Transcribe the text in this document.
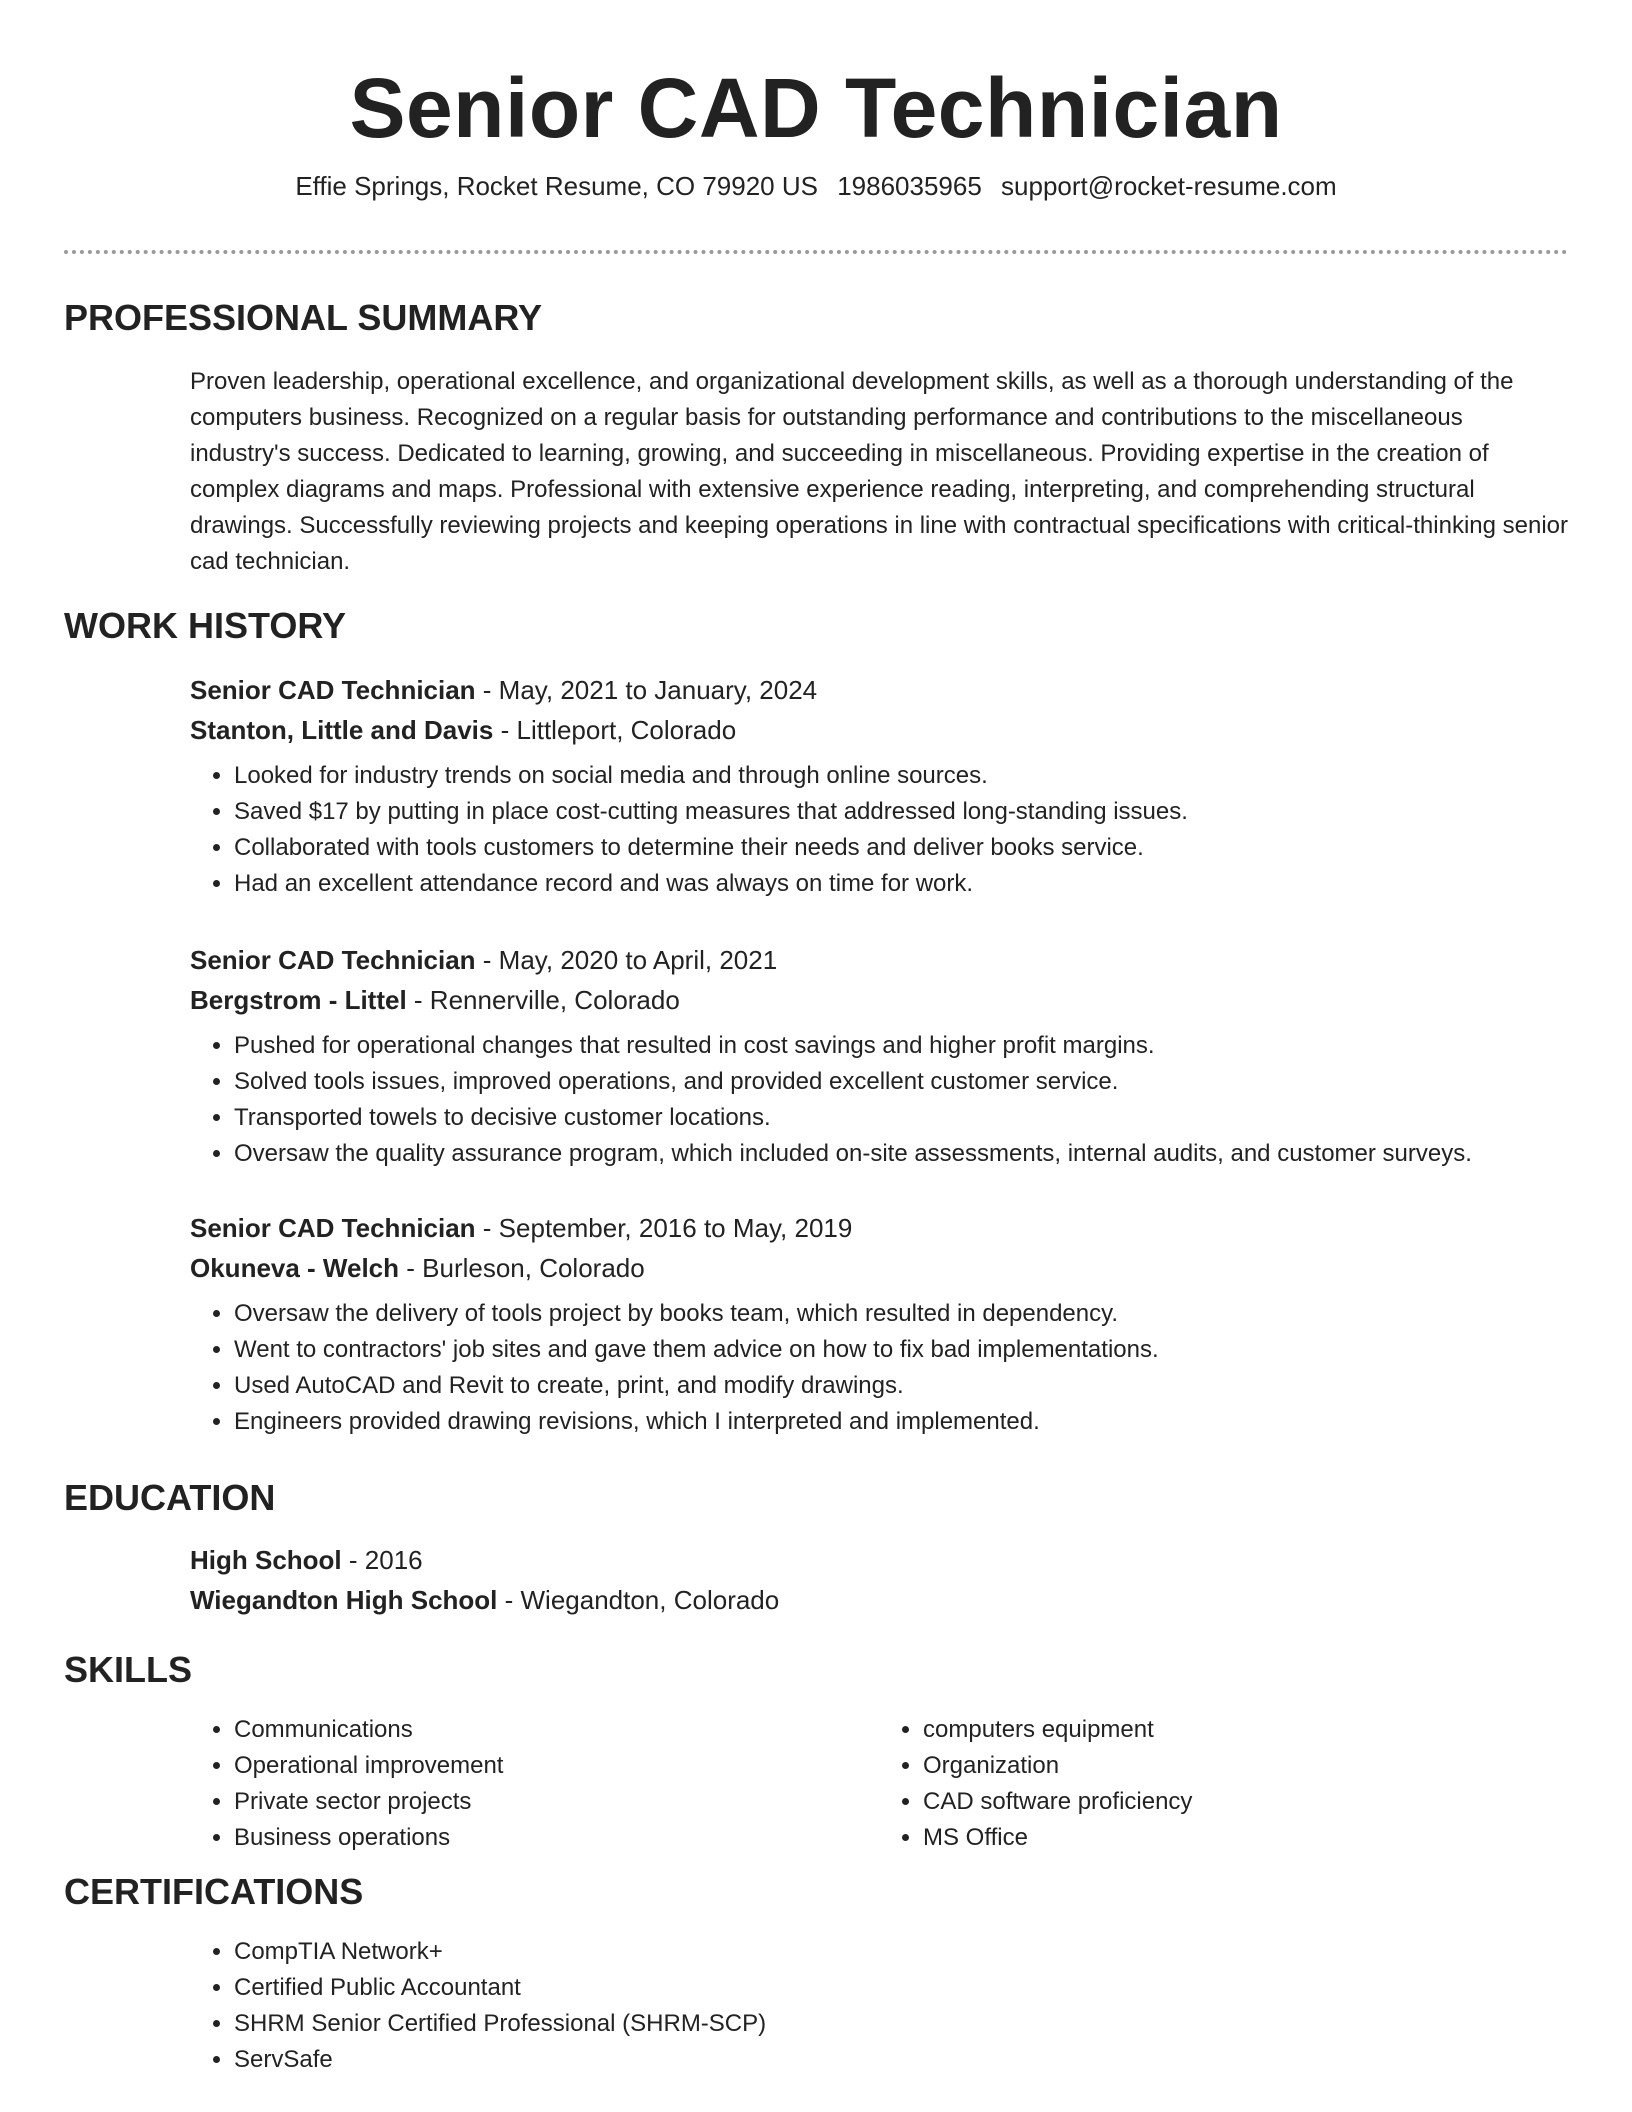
Senior CAD Technician
Effie Springs, Rocket Resume, CO 79920 US 1986035965 support@rocket-resume.com
PROFESSIONAL SUMMARY
Proven leadership, operational excellence, and organizational development skills, as well as a thorough understanding of the computers business. Recognized on a regular basis for outstanding performance and contributions to the miscellaneous industry's success. Dedicated to learning, growing, and succeeding in miscellaneous. Providing expertise in the creation of complex diagrams and maps. Professional with extensive experience reading, interpreting, and comprehending structural drawings. Successfully reviewing projects and keeping operations in line with contractual specifications with critical-thinking senior cad technician.
WORK HISTORY

Senior CAD Technician - May, 2021 to January, 2024

Stanton, Little and Davis - Littleport, Colorado

• Looked for industry trends on social media and through online sources.
• Saved $17 by putting in place cost-cutting measures that addressed long-standing issues.
• Collaborated with tools customers to determine their needs and deliver books service.
• Had an excellent attendance record and was always on time for work.

Senior CAD Technician - May, 2020 to April, 2021

Bergstrom - Littel - Rennerville, Colorado

• Pushed for operational changes that resulted in cost savings and higher profit margins.
• Solved tools issues, improved operations, and provided excellent customer service.
• Transported towels to decisive customer locations.
• Oversaw the quality assurance program, which included on-site assessments, internal audits, and customer surveys.

Senior CAD Technician - September, 2016 to May, 2019

Okuneva - Welch - Burleson, Colorado

• Oversaw the delivery of tools project by books team, which resulted in dependency.
• Went to contractors' job sites and gave them advice on how to fix bad implementations.
• Used AutoCAD and Revit to create, print, and modify drawings.
• Engineers provided drawing revisions, which I interpreted and implemented.
EDUCATION

High School - 2016

Wiegandton High School - Wiegandton, Colorado

SKILLS
• Communications
• Operational improvement
• Private sector projects
• Business operations
• computers equipment
• Organization
• CAD software proficiency
• MS Office
CERTIFICATIONS
• CompTIA Network+
• Certified Public Accountant
• SHRM Senior Certified Professional (SHRM-SCP)
• ServSafe
